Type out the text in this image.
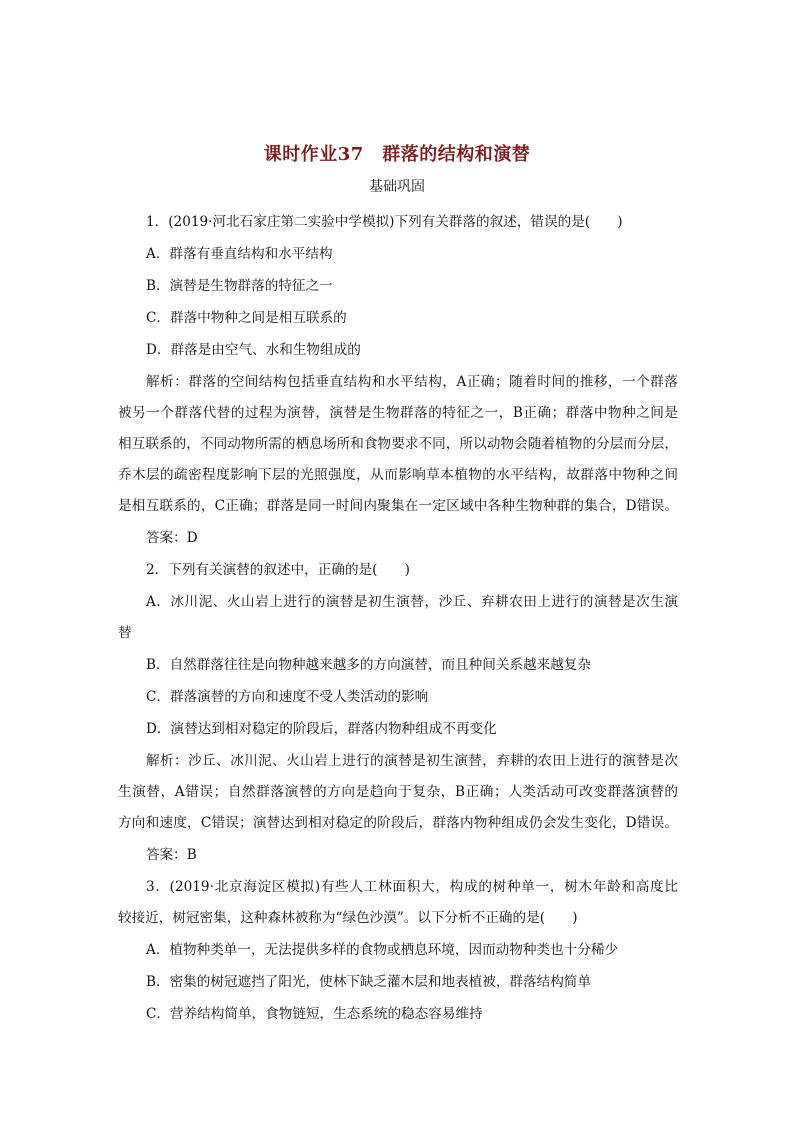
课时作业37　群落的结构和演替
基础巩固
1．(2019·河北石家庄第二实验中学模拟)下列有关群落的叙述，错误的是(　　)
A．群落有垂直结构和水平结构
B．演替是生物群落的特征之一
C．群落中物种之间是相互联系的
D．群落是由空气、水和生物组成的
解析：群落的空间结构包括垂直结构和水平结构，A正确；随着时间的推移，一个群落
被另一个群落代替的过程为演替，演替是生物群落的特征之一，B正确；群落中物种之间是
相互联系的，不同动物所需的栖息场所和食物要求不同，所以动物会随着植物的分层而分层，
乔木层的疏密程度影响下层的光照强度，从而影响草本植物的水平结构，故群落中物种之间
是相互联系的，C正确；群落是同一时间内聚集在一定区域中各种生物种群的集合，D错误。
答案：D
2．下列有关演替的叙述中，正确的是(　　)
A．冰川泥、火山岩上进行的演替是初生演替，沙丘、弃耕农田上进行的演替是次生演
替
B．自然群落往往是向物种越来越多的方向演替，而且种间关系越来越复杂
C．群落演替的方向和速度不受人类活动的影响
D．演替达到相对稳定的阶段后，群落内物种组成不再变化
解析：沙丘、冰川泥、火山岩上进行的演替是初生演替，弃耕的农田上进行的演替是次
生演替，A错误；自然群落演替的方向是趋向于复杂，B正确；人类活动可改变群落演替的
方向和速度，C错误；演替达到相对稳定的阶段后，群落内物种组成仍会发生变化，D错误。
答案：B
3．(2019·北京海淀区模拟)有些人工林面积大，构成的树种单一，树木年龄和高度比
较接近，树冠密集，这种森林被称为“绿色沙漠”。以下分析不正确的是(　　)
A．植物种类单一，无法提供多样的食物或栖息环境，因而动物种类也十分稀少
B．密集的树冠遮挡了阳光，使林下缺乏灌木层和地表植被，群落结构简单
C．营养结构简单，食物链短，生态系统的稳态容易维持
